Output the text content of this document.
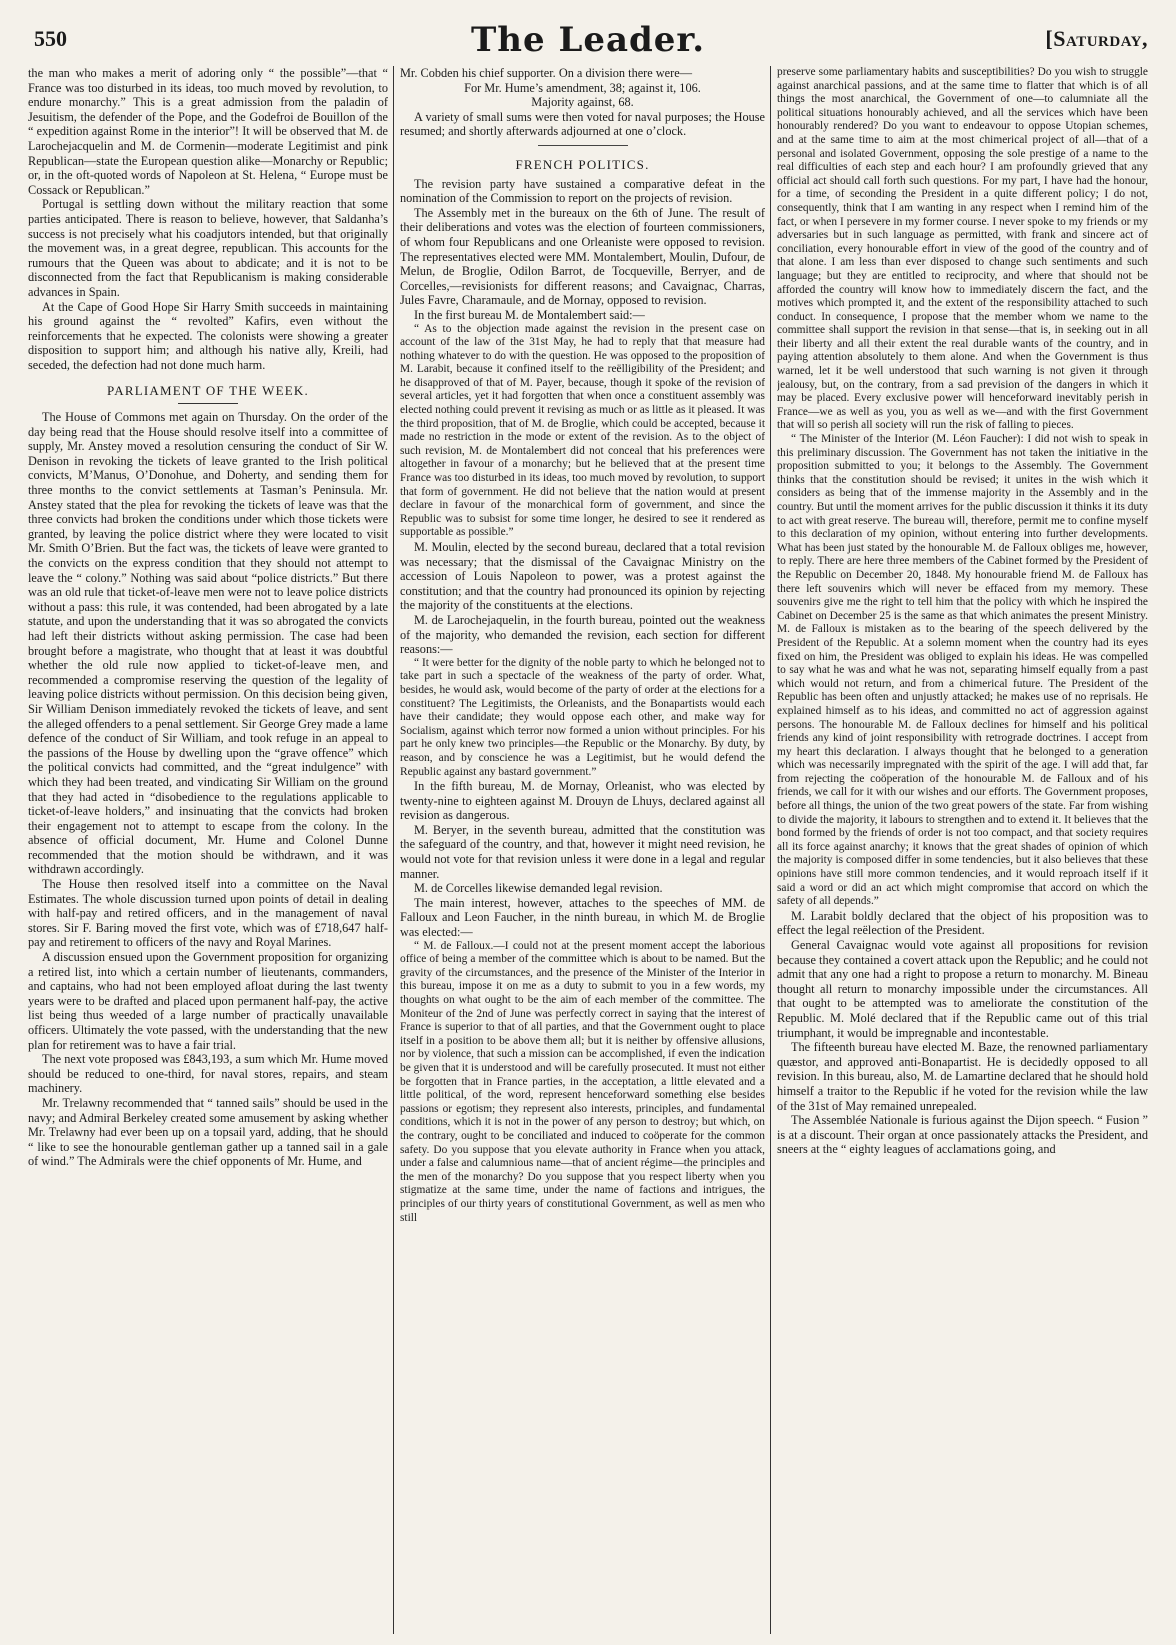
550	The Leader.	[Saturday,

the man who makes a merit of adoring only “ the possible”—that “ France was too disturbed in its ideas, too much moved by revolution, to endure monarchy.” This is a great admission from the paladin of Jesuitism, the defender of the Pope, and the Godefroi de Bouillon of the “ expedition against Rome in the interior”! It will be observed that M. de Larochejacquelin and M. de Cormenin—moderate Legitimist and pink Republican—state the European question alike—Monarchy or Republic; or, in the oft-quoted words of Napoleon at St. Helena, “ Europe must be Cossack or Republican.”

Portugal is settling down without the military reaction that some parties anticipated. There is reason to believe, however, that Saldanha’s success is not precisely what his coadjutors intended, but that originally the movement was, in a great degree, republican. This accounts for the rumours that the Queen was about to abdicate; and it is not to be disconnected from the fact that Republicanism is making considerable advances in Spain.

At the Cape of Good Hope Sir Harry Smith succeeds in maintaining his ground against the “ revolted” Kafirs, even without the reinforcements that he expected. The colonists were showing a greater disposition to support him; and although his native ally, Kreili, had seceded, the defection had not done much harm.

PARLIAMENT OF THE WEEK.

The House of Commons met again on Thursday. On the order of the day being read that the House should resolve itself into a committee of supply, Mr. Anstey moved a resolution censuring the conduct of Sir W. Denison in revoking the tickets of leave granted to the Irish political convicts, M’Manus, O’Donohue, and Doherty, and sending them for three months to the convict settlements at Tasman’s Peninsula. Mr. Anstey stated that the plea for revoking the tickets of leave was that the three convicts had broken the conditions under which those tickets were granted, by leaving the police district where they were located to visit Mr. Smith O’Brien. But the fact was, the tickets of leave were granted to the convicts on the express condition that they should not attempt to leave the “ colony.” Nothing was said about “police districts.” But there was an old rule that ticket-of-leave men were not to leave police districts without a pass: this rule, it was contended, had been abrogated by a late statute, and upon the understanding that it was so abrogated the convicts had left their districts without asking permission. The case had been brought before a magistrate, who thought that at least it was doubtful whether the old rule now applied to ticket-of-leave men, and recommended a compromise reserving the question of the legality of leaving police districts without permission. On this decision being given, Sir William Denison immediately revoked the tickets of leave, and sent the alleged offenders to a penal settlement. Sir George Grey made a lame defence of the conduct of Sir William, and took refuge in an appeal to the passions of the House by dwelling upon the “grave offence” which the political convicts had committed, and the “great indulgence” with which they had been treated, and vindicating Sir William on the ground that they had acted in “disobedience to the regulations applicable to ticket-of-leave holders,” and insinuating that the convicts had broken their engagement not to attempt to escape from the colony. In the absence of official document, Mr. Hume and Colonel Dunne recommended that the motion should be withdrawn, and it was withdrawn accordingly.

The House then resolved itself into a committee on the Naval Estimates. The whole discussion turned upon points of detail in dealing with half-pay and retired officers, and in the management of naval stores. Sir F. Baring moved the first vote, which was of £718,647 half-pay and retirement to officers of the navy and Royal Marines.

A discussion ensued upon the Government proposition for organizing a retired list, into which a certain number of lieutenants, commanders, and captains, who had not been employed afloat during the last twenty years were to be drafted and placed upon permanent half-pay, the active list being thus weeded of a large number of practically unavailable officers. Ultimately the vote passed, with the understanding that the new plan for retirement was to have a fair trial.

The next vote proposed was £843,193, a sum which Mr. Hume moved should be reduced to one-third, for naval stores, repairs, and steam machinery.

Mr. Trelawny recommended that “ tanned sails” should be used in the navy; and Admiral Berkeley created some amusement by asking whether Mr. Trelawny had ever been up on a topsail yard, adding, that he should “ like to see the honourable gentleman gather up a tanned sail in a gale of wind.” The Admirals were the chief opponents of Mr. Hume, and

Mr. Cobden his chief supporter. On a division there were—

For Mr. Hume’s amendment, 38; against it, 106.

Majority against, 68.

A variety of small sums were then voted for naval purposes; the House resumed; and shortly afterwards adjourned at one o’clock.

FRENCH POLITICS.

The revision party have sustained a comparative defeat in the nomination of the Commission to report on the projects of revision.

The Assembly met in the bureaux on the 6th of June. The result of their deliberations and votes was the election of fourteen commissioners, of whom four Republicans and one Orleaniste were opposed to revision. The representatives elected were MM. Montalembert, Moulin, Dufour, de Melun, de Broglie, Odilon Barrot, de Tocqueville, Berryer, and de Corcelles,—revisionists for different reasons; and Cavaignac, Charras, Jules Favre, Charamaule, and de Mornay, opposed to revision.

In the first bureau M. de Montalembert said:—

“ As to the objection made against the revision in the present case on account of the law of the 31st May, he had to reply that that measure had nothing whatever to do with the question. He was opposed to the proposition of M. Larabit, because it confined itself to the reëlligibility of the President; and he disapproved of that of M. Payer, because, though it spoke of the revision of several articles, yet it had forgotten that when once a constituent assembly was elected nothing could prevent it revising as much or as little as it pleased. It was the third proposition, that of M. de Broglie, which could be accepted, because it made no restriction in the mode or extent of the revision. As to the object of such revision, M. de Montalembert did not conceal that his preferences were altogether in favour of a monarchy; but he believed that at the present time France was too disturbed in its ideas, too much moved by revolution, to support that form of government. He did not believe that the nation would at present declare in favour of the monarchical form of government, and since the Republic was to subsist for some time longer, he desired to see it rendered as supportable as possible.”

M. Moulin, elected by the second bureau, declared that a total revision was necessary; that the dismissal of the Cavaignac Ministry on the accession of Louis Napoleon to power, was a protest against the constitution; and that the country had pronounced its opinion by rejecting the majority of the constituents at the elections.

M. de Larochejaquelin, in the fourth bureau, pointed out the weakness of the majority, who demanded the revision, each section for different reasons:—

“ It were better for the dignity of the noble party to which he belonged not to take part in such a spectacle of the weakness of the party of order. What, besides, he would ask, would become of the party of order at the elections for a constituent? The Legitimists, the Orleanists, and the Bonapartists would each have their candidate; they would oppose each other, and make way for Socialism, against which terror now formed a union without principles. For his part he only knew two principles—the Republic or the Monarchy. By duty, by reason, and by conscience he was a Legitimist, but he would defend the Republic against any bastard government.”

In the fifth bureau, M. de Mornay, Orleanist, who was elected by twenty-nine to eighteen against M. Drouyn de Lhuys, declared against all revision as dangerous.

M. Beryer, in the seventh bureau, admitted that the constitution was the safeguard of the country, and that, however it might need revision, he would not vote for that revision unless it were done in a legal and regular manner.

M. de Corcelles likewise demanded legal revision.

The main interest, however, attaches to the speeches of MM. de Falloux and Leon Faucher, in the ninth bureau, in which M. de Broglie was elected:—

“ M. de Falloux.—I could not at the present moment accept the laborious office of being a member of the committee which is about to be named. But the gravity of the circumstances, and the presence of the Minister of the Interior in this bureau, impose it on me as a duty to submit to you in a few words, my thoughts on what ought to be the aim of each member of the committee. The Moniteur of the 2nd of June was perfectly correct in saying that the interest of France is superior to that of all parties, and that the Government ought to place itself in a position to be above them all; but it is neither by offensive allusions, nor by violence, that such a mission can be accomplished, if even the indication be given that it is understood and will be carefully prosecuted. It must not either be forgotten that in France parties, in the acceptation, a little elevated and a little political, of the word, represent henceforward something else besides passions or egotism; they represent also interests, principles, and fundamental conditions, which it is not in the power of any person to destroy; but which, on the contrary, ought to be conciliated and induced to coöperate for the common safety. Do you suppose that you elevate authority in France when you attack, under a false and calumnious name—that of ancient régime—the principles and the men of the monarchy? Do you suppose that you respect liberty when you stigmatize at the same time, under the name of factions and intrigues, the principles of our thirty years of constitutional Government, as well as men who still

preserve some parliamentary habits and susceptibilities? Do you wish to struggle against anarchical passions, and at the same time to flatter that which is of all things the most anarchical, the Government of one—to calumniate all the political situations honourably achieved, and all the services which have been honourably rendered? Do you want to endeavour to oppose Utopian schemes, and at the same time to aim at the most chimerical project of all—that of a personal and isolated Government, opposing the sole prestige of a name to the real difficulties of each step and each hour? I am profoundly grieved that any official act should call forth such questions. For my part, I have had the honour, for a time, of seconding the President in a quite different policy; I do not, consequently, think that I am wanting in any respect when I remind him of the fact, or when I persevere in my former course. I never spoke to my friends or my adversaries but in such language as permitted, with frank and sincere act of conciliation, every honourable effort in view of the good of the country and of that alone. I am less than ever disposed to change such sentiments and such language; but they are entitled to reciprocity, and where that should not be afforded the country will know how to immediately discern the fact, and the motives which prompted it, and the extent of the responsibility attached to such conduct. In consequence, I propose that the member whom we name to the committee shall support the revision in that sense—that is, in seeking out in all their liberty and all their extent the real durable wants of the country, and in paying attention absolutely to them alone. And when the Government is thus warned, let it be well understood that such warning is not given it through jealousy, but, on the contrary, from a sad prevision of the dangers in which it may be placed. Every exclusive power will henceforward inevitably perish in France—we as well as you, you as well as we—and with the first Government that will so perish all society will run the risk of falling to pieces.

“ The Minister of the Interior (M. Léon Faucher): I did not wish to speak in this preliminary discussion. The Government has not taken the initiative in the proposition submitted to you; it belongs to the Assembly. The Government thinks that the constitution should be revised; it unites in the wish which it considers as being that of the immense majority in the Assembly and in the country. But until the moment arrives for the public discussion it thinks it its duty to act with great reserve. The bureau will, therefore, permit me to confine myself to this declaration of my opinion, without entering into further developments. What has been just stated by the honourable M. de Falloux obliges me, however, to reply. There are here three members of the Cabinet formed by the President of the Republic on December 20, 1848. My honourable friend M. de Falloux has there left souvenirs which will never be effaced from my memory. These souvenirs give me the right to tell him that the policy with which he inspired the Cabinet on December 25 is the same as that which animates the present Ministry. M. de Falloux is mistaken as to the bearing of the speech delivered by the President of the Republic. At a solemn moment when the country had its eyes fixed on him, the President was obliged to explain his ideas. He was compelled to say what he was and what he was not, separating himself equally from a past which would not return, and from a chimerical future. The President of the Republic has been often and unjustly attacked; he makes use of no reprisals. He explained himself as to his ideas, and committed no act of aggression against persons. The honourable M. de Falloux declines for himself and his political friends any kind of joint responsibility with retrograde doctrines. I accept from my heart this declaration. I always thought that he belonged to a generation which was necessarily impregnated with the spirit of the age. I will add that, far from rejecting the coöperation of the honourable M. de Falloux and of his friends, we call for it with our wishes and our efforts. The Government proposes, before all things, the union of the two great powers of the state. Far from wishing to divide the majority, it labours to strengthen and to extend it. It believes that the bond formed by the friends of order is not too compact, and that society requires all its force against anarchy; it knows that the great shades of opinion of which the majority is composed differ in some tendencies, but it also believes that these opinions have still more common tendencies, and it would reproach itself if it said a word or did an act which might compromise that accord on which the safety of all depends.”

M. Larabit boldly declared that the object of his proposition was to effect the legal reëlection of the President.

General Cavaignac would vote against all propositions for revision because they contained a covert attack upon the Republic; and he could not admit that any one had a right to propose a return to monarchy. M. Bineau thought all return to monarchy impossible under the circumstances. All that ought to be attempted was to ameliorate the constitution of the Republic. M. Molé declared that if the Republic came out of this trial triumphant, it would be impregnable and incontestable.

The fifteenth bureau have elected M. Baze, the renowned parliamentary quæstor, and approved anti-Bonapartist. He is decidedly opposed to all revision. In this bureau, also, M. de Lamartine declared that he should hold himself a traitor to the Republic if he voted for the revision while the law of the 31st of May remained unrepealed.

The Assemblée Nationale is furious against the Dijon speech. “ Fusion ” is at a discount. Their organ at once passionately attacks the President, and sneers at the “ eighty leagues of acclamations going, and
